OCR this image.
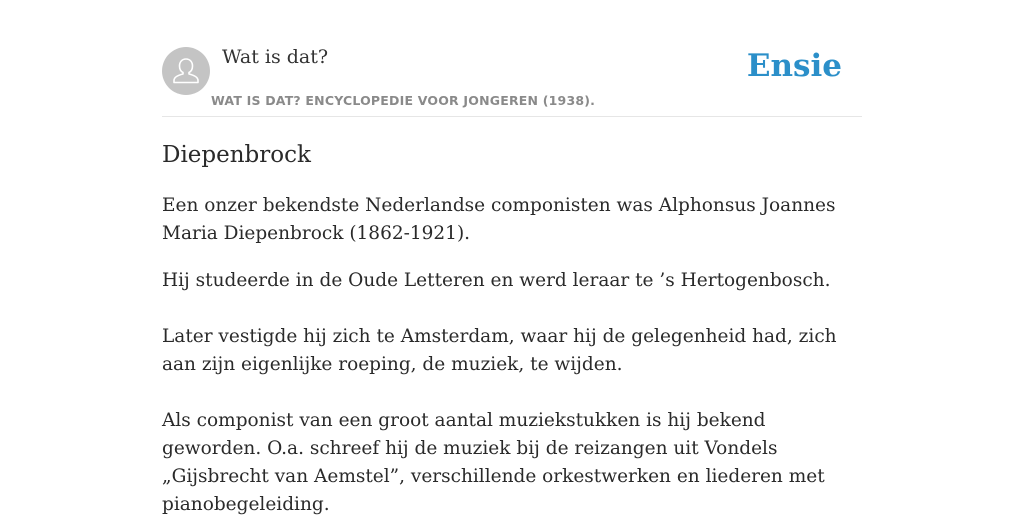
Wat is dat?
WAT IS DAT? ENCYCLOPEDIE VOOR JONGEREN (1938).
Ensie
Diepenbrock

Een onzer bekendste Nederlandse componisten was Alphonsus Joannes Maria Diepenbrock (1862-1921).

Hij studeerde in de Oude Letteren en werd leraar te ’s Hertogenbosch.

Later vestigde hij zich te Amsterdam, waar hij de gelegenheid had, zich aan zijn eigenlijke roeping, de muziek, te wijden.

Als componist van een groot aantal muziekstukken is hij bekend geworden. O.a. schreef hij de muziek bij de reizangen uit Vondels „Gijsbrecht van Aemstel”, verschillende orkestwerken en liederen met pianobegeleiding.
